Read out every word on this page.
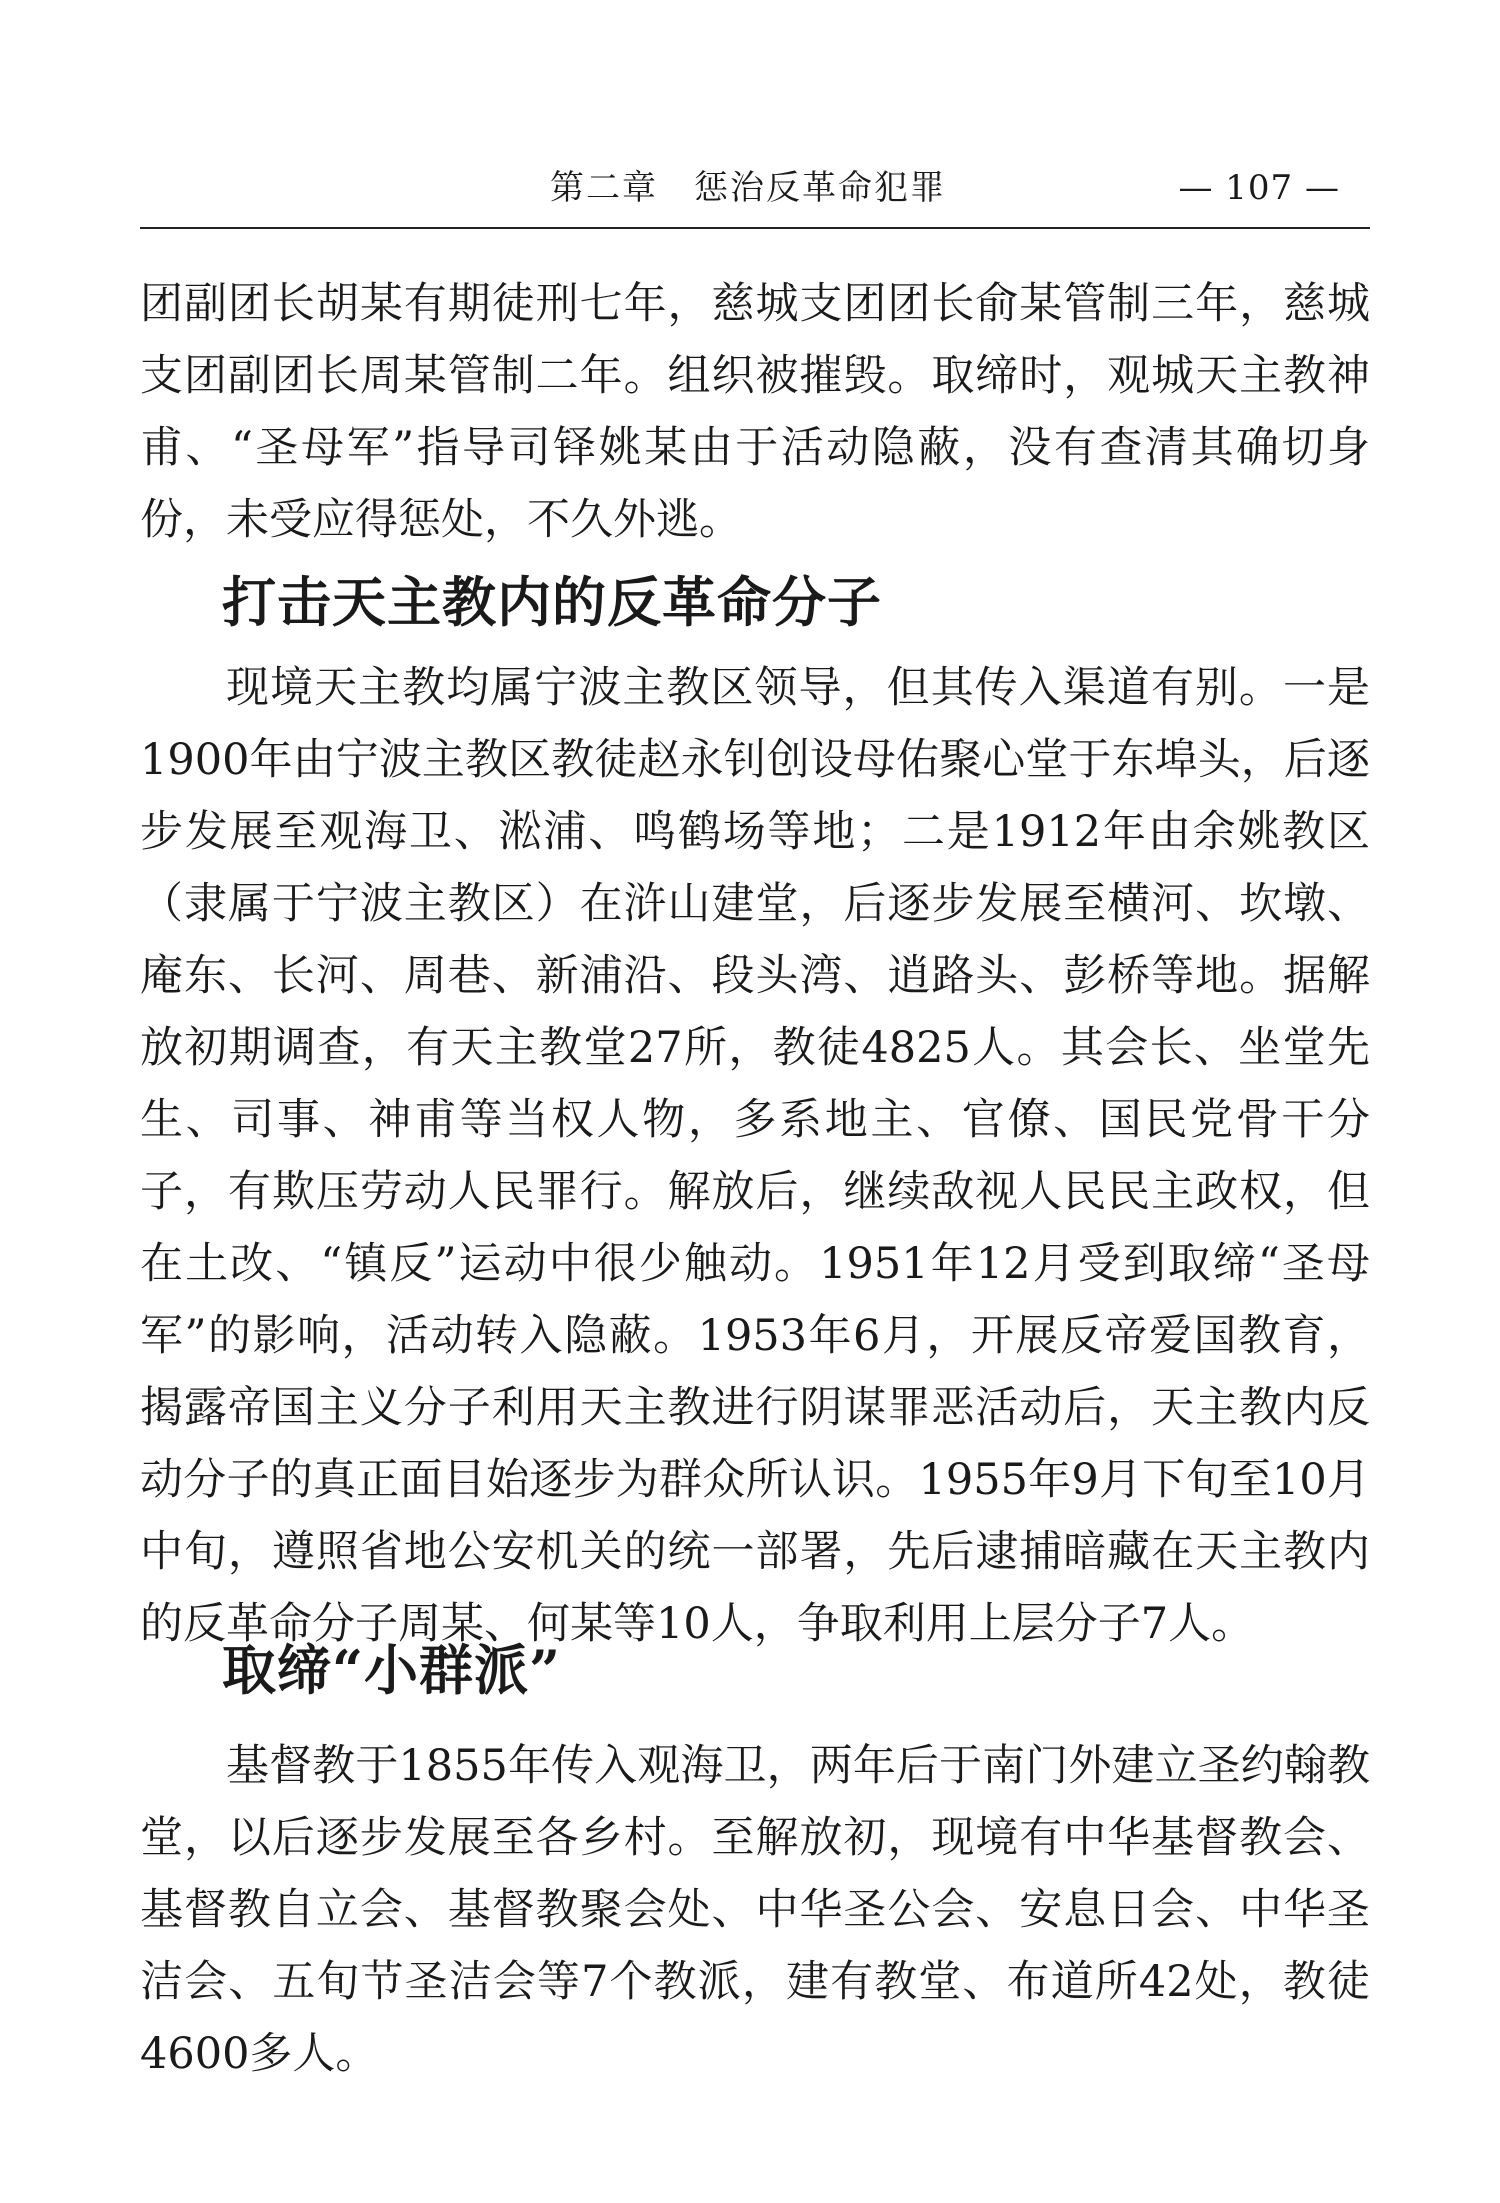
第二章　惩治反革命犯罪	— 107 —

团副团长胡某有期徒刑七年，慈城支团团长俞某管制三年，慈城支团副团长周某管制二年。组织被摧毁。取缔时，观城天主教神甫、“圣母军”指导司铎姚某由于活动隐蔽，没有查清其确切身份，未受应得惩处，不久外逃。

打击天主教内的反革命分子

现境天主教均属宁波主教区领导，但其传入渠道有别。一是1900年由宁波主教区教徒赵永钊创设母佑聚心堂于东埠头，后逐步发展至观海卫、淞浦、鸣鹤场等地；二是1912年由余姚教区（隶属于宁波主教区）在浒山建堂，后逐步发展至横河、坎墩、庵东、长河、周巷、新浦沿、段头湾、逍路头、彭桥等地。据解放初期调查，有天主教堂27所，教徒4825人。其会长、坐堂先生、司事、神甫等当权人物，多系地主、官僚、国民党骨干分子，有欺压劳动人民罪行。解放后，继续敌视人民民主政权，但在土改、“镇反”运动中很少触动。1951年12月受到取缔“圣母军”的影响，活动转入隐蔽。1953年6月，开展反帝爱国教育，揭露帝国主义分子利用天主教进行阴谋罪恶活动后，天主教内反动分子的真正面目始逐步为群众所认识。1955年9月下旬至10月中旬，遵照省地公安机关的统一部署，先后逮捕暗藏在天主教内的反革命分子周某、何某等10人，争取利用上层分子7人。

取缔“小群派”

基督教于1855年传入观海卫，两年后于南门外建立圣约翰教堂，以后逐步发展至各乡村。至解放初，现境有中华基督教会、基督教自立会、基督教聚会处、中华圣公会、安息日会、中华圣洁会、五旬节圣洁会等7个教派，建有教堂、布道所42处，教徒4600多人。
